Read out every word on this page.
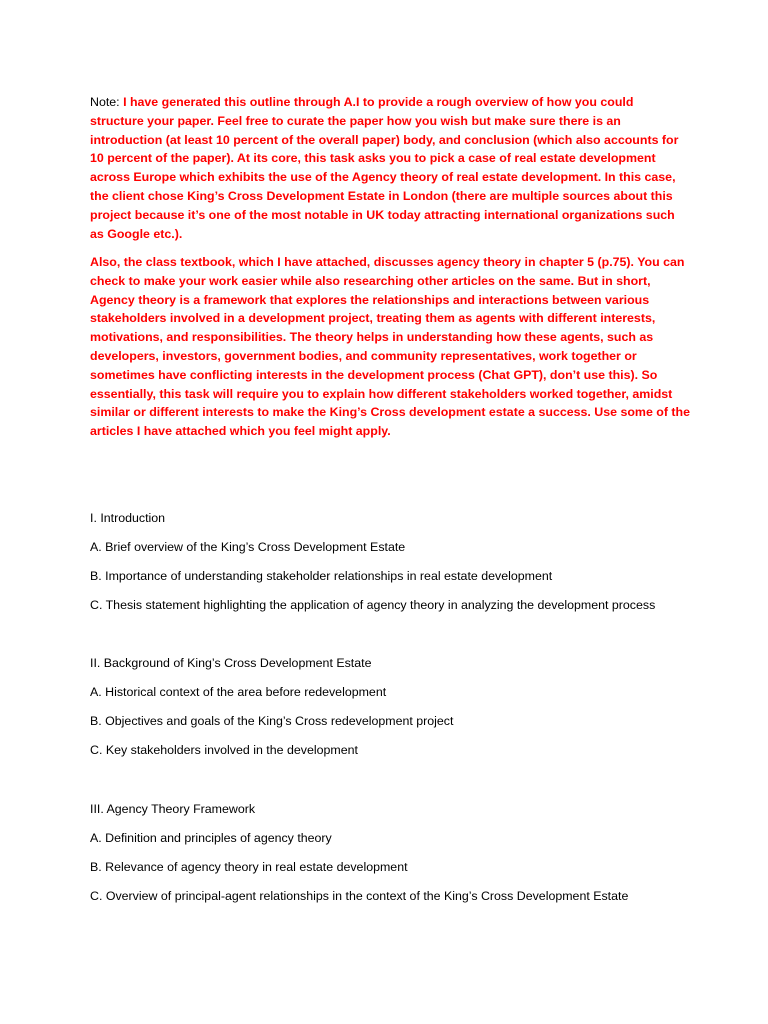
Note: I have generated this outline through A.I to provide a rough overview of how you could structure your paper. Feel free to curate the paper how you wish but make sure there is an introduction (at least 10 percent of the overall paper) body, and conclusion (which also accounts for 10 percent of the paper). At its core, this task asks you to pick a case of real estate development across Europe which exhibits the use of the Agency theory of real estate development. In this case, the client chose King’s Cross Development Estate in London (there are multiple sources about this project because it’s one of the most notable in UK today attracting international organizations such as Google etc.).
Also, the class textbook, which I have attached, discusses agency theory in chapter 5 (p.75). You can check to make your work easier while also researching other articles on the same. But in short, Agency theory is a framework that explores the relationships and interactions between various stakeholders involved in a development project, treating them as agents with different interests, motivations, and responsibilities. The theory helps in understanding how these agents, such as developers, investors, government bodies, and community representatives, work together or sometimes have conflicting interests in the development process (Chat GPT), don’t use this). So essentially, this task will require you to explain how different stakeholders worked together, amidst similar or different interests to make the King’s Cross development estate a success. Use some of the articles I have attached which you feel might apply.
I. Introduction
A. Brief overview of the King’s Cross Development Estate
B. Importance of understanding stakeholder relationships in real estate development
C. Thesis statement highlighting the application of agency theory in analyzing the development process
II. Background of King’s Cross Development Estate
A. Historical context of the area before redevelopment
B. Objectives and goals of the King’s Cross redevelopment project
C. Key stakeholders involved in the development
III. Agency Theory Framework
A. Definition and principles of agency theory
B. Relevance of agency theory in real estate development
C. Overview of principal-agent relationships in the context of the King’s Cross Development Estate
